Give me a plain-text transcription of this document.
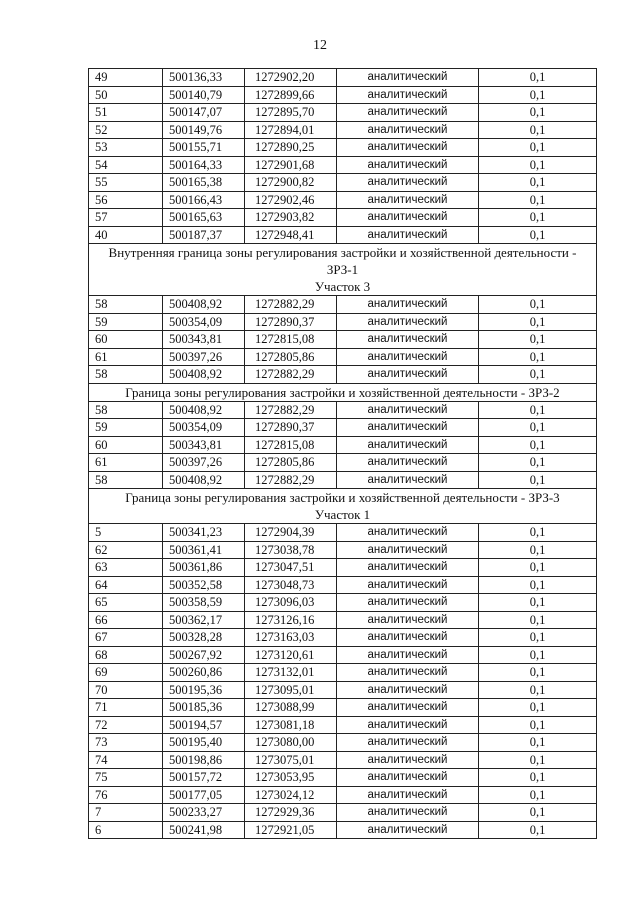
12
49	500136,33	1272902,20	аналитический	0,1
50	500140,79	1272899,66	аналитический	0,1
51	500147,07	1272895,70	аналитический	0,1
52	500149,76	1272894,01	аналитический	0,1
53	500155,71	1272890,25	аналитический	0,1
54	500164,33	1272901,68	аналитический	0,1
55	500165,38	1272900,82	аналитический	0,1
56	500166,43	1272902,46	аналитический	0,1
57	500165,63	1272903,82	аналитический	0,1
40	500187,37	1272948,41	аналитический	0,1

Внутренняя граница зоны регулирования застройки и хозяйственной деятельности -
ЗРЗ-1
Участок 3				

58	500408,92	1272882,29	аналитический	0,1
59	500354,09	1272890,37	аналитический	0,1
60	500343,81	1272815,08	аналитический	0,1
61	500397,26	1272805,86	аналитический	0,1
58	500408,92	1272882,29	аналитический	0,1

Граница зоны регулирования застройки и хозяйственной деятельности - ЗРЗ-2				

58	500408,92	1272882,29	аналитический	0,1
59	500354,09	1272890,37	аналитический	0,1
60	500343,81	1272815,08	аналитический	0,1
61	500397,26	1272805,86	аналитический	0,1
58	500408,92	1272882,29	аналитический	0,1

Граница зоны регулирования застройки и хозяйственной деятельности - ЗРЗ-3
Участок 1				

5	500341,23	1272904,39	аналитический	0,1
62	500361,41	1273038,78	аналитический	0,1
63	500361,86	1273047,51	аналитический	0,1
64	500352,58	1273048,73	аналитический	0,1
65	500358,59	1273096,03	аналитический	0,1
66	500362,17	1273126,16	аналитический	0,1
67	500328,28	1273163,03	аналитический	0,1
68	500267,92	1273120,61	аналитический	0,1
69	500260,86	1273132,01	аналитический	0,1
70	500195,36	1273095,01	аналитический	0,1
71	500185,36	1273088,99	аналитический	0,1
72	500194,57	1273081,18	аналитический	0,1
73	500195,40	1273080,00	аналитический	0,1
74	500198,86	1273075,01	аналитический	0,1
75	500157,72	1273053,95	аналитический	0,1
76	500177,05	1273024,12	аналитический	0,1
7	500233,27	1272929,36	аналитический	0,1
6	500241,98	1272921,05	аналитический	0,1
